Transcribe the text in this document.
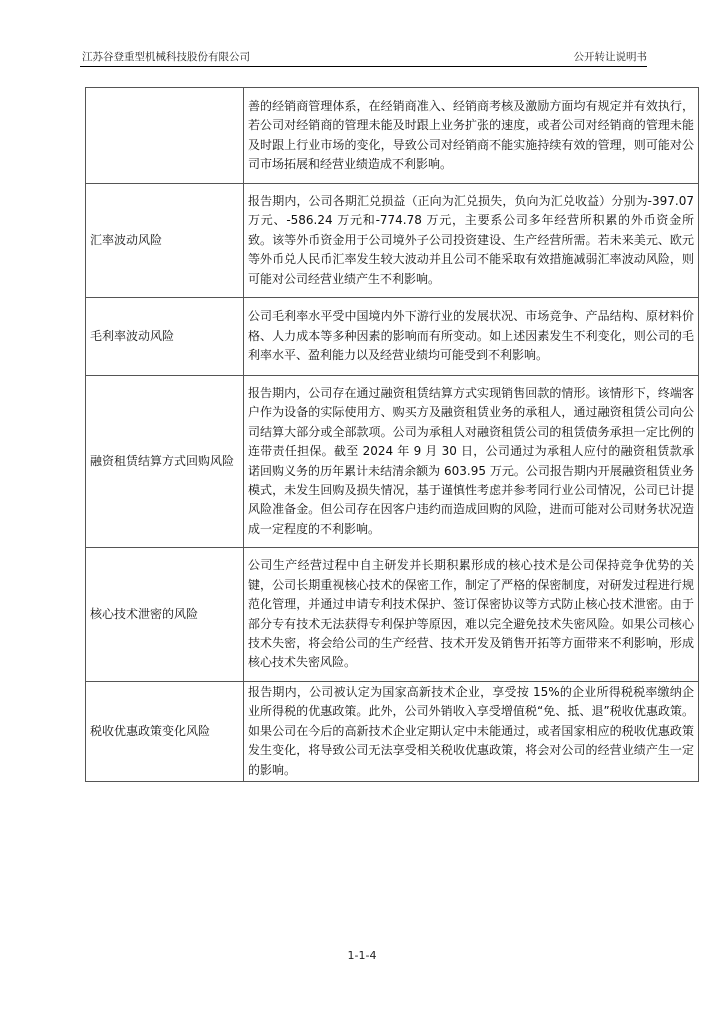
江苏谷登重型机械科技股份有限公司	公开转让说明书
	善的经销商管理体系，在经销商准入、经销商考核及激励方面均有规定并有效执行，若公司对经销商的管理未能及时跟上业务扩张的速度，或者公司对经销商的管理未能及时跟上行业市场的变化，导致公司对经销商不能实施持续有效的管理，则可能对公司市场拓展和经营业绩造成不利影响。
汇率波动风险	报告期内，公司各期汇兑损益（正向为汇兑损失，负向为汇兑收益）分别为-397.07 万元、-586.24 万元和-774.78 万元，主要系公司多年经营所积累的外币资金所致。该等外币资金用于公司境外子公司投资建设、生产经营所需。若未来美元、欧元等外币兑人民币汇率发生较大波动并且公司不能采取有效措施减弱汇率波动风险，则可能对公司经营业绩产生不利影响。
毛利率波动风险	公司毛利率水平受中国境内外下游行业的发展状况、市场竞争、产品结构、原材料价格、人力成本等多种因素的影响而有所变动。如上述因素发生不利变化，则公司的毛利率水平、盈利能力以及经营业绩均可能受到不利影响。
融资租赁结算方式回购风险	报告期内，公司存在通过融资租赁结算方式实现销售回款的情形。该情形下，终端客户作为设备的实际使用方、购买方及融资租赁业务的承租人，通过融资租赁公司向公司结算大部分或全部款项。公司为承租人对融资租赁公司的租赁债务承担一定比例的连带责任担保。截至 2024 年 9 月 30 日，公司通过为承租人应付的融资租赁款承诺回购义务的历年累计未结清余额为 603.95 万元。公司报告期内开展融资租赁业务模式，未发生回购及损失情况，基于谨慎性考虑并参考同行业公司情况，公司已计提风险准备金。但公司存在因客户违约而造成回购的风险，进而可能对公司财务状况造成一定程度的不利影响。
核心技术泄密的风险	公司生产经营过程中自主研发并长期积累形成的核心技术是公司保持竞争优势的关键，公司长期重视核心技术的保密工作，制定了严格的保密制度，对研发过程进行规范化管理，并通过申请专利技术保护、签订保密协议等方式防止核心技术泄密。由于部分专有技术无法获得专利保护等原因，难以完全避免技术失密风险。如果公司核心技术失密，将会给公司的生产经营、技术开发及销售开拓等方面带来不利影响，形成核心技术失密风险。
税收优惠政策变化风险	报告期内，公司被认定为国家高新技术企业，享受按 15%的企业所得税税率缴纳企业所得税的优惠政策。此外，公司外销收入享受增值税“免、抵、退”税收优惠政策。如果公司在今后的高新技术企业定期认定中未能通过，或者国家相应的税收优惠政策发生变化，将导致公司无法享受相关税收优惠政策，将会对公司的经营业绩产生一定的影响。
1-1-4
